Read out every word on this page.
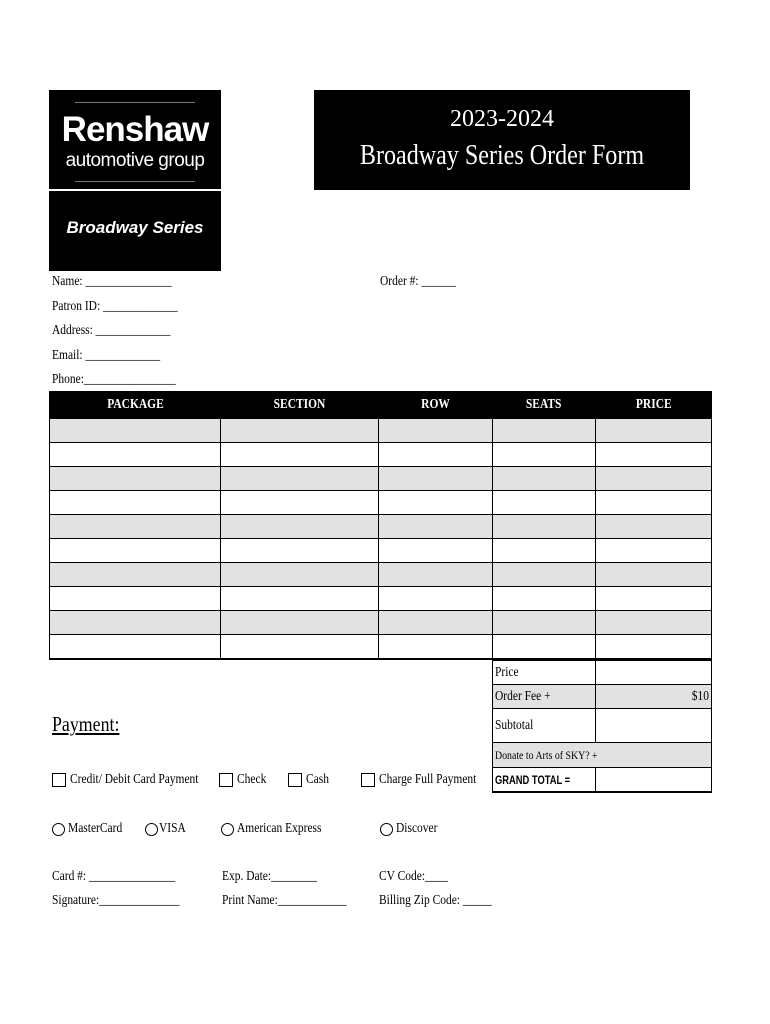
Renshaw
automotive group
Broadway Series
2023-2024
Broadway Series Order Form
Name: _______________
Patron ID: _____________
Address: _____________
Email: _____________
Phone:________________
Order #: ______
PACKAGE	SECTION	ROW	SEATS	PRICE

Price	
Order Fee +	$10
Subtotal	
Donate to Arts of SKY? +	
GRAND TOTAL =	
Payment:
Credit/ Debit Card Payment	Check	Cash	Charge Full Payment
MasterCard	VISA	American Express	Discover
Card #: _______________	Exp. Date:________	CV Code:____
Signature:______________	Print Name:____________ Billing Zip Code: _____
